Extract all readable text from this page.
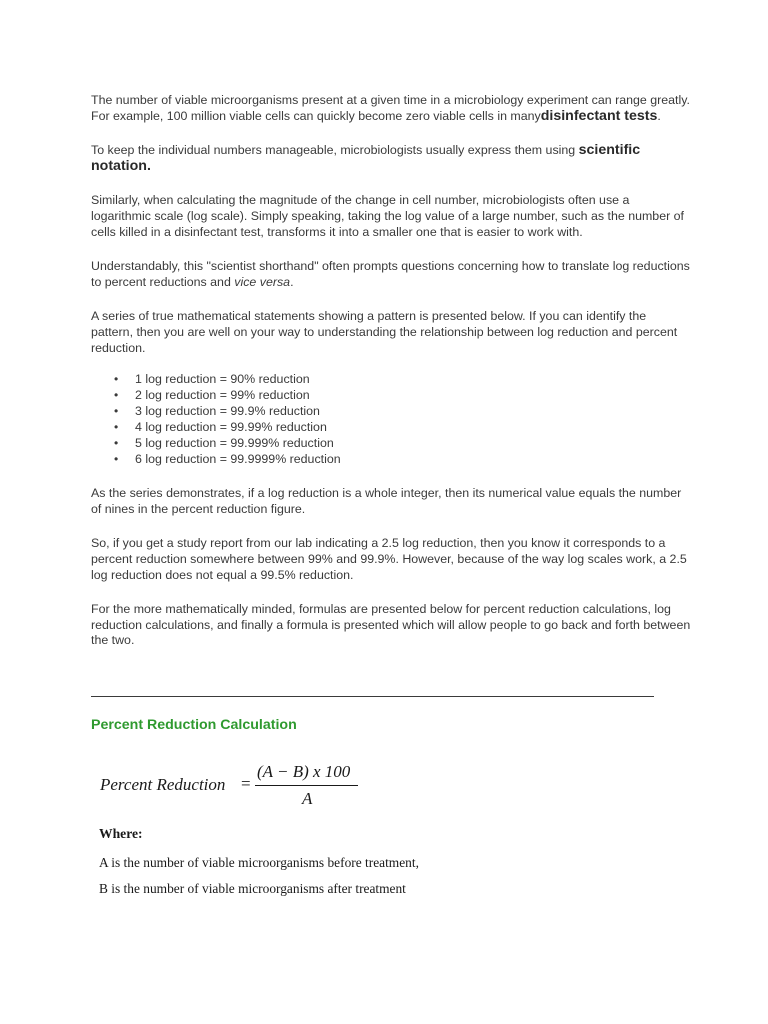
The number of viable microorganisms present at a given time in a microbiology experiment can range greatly. For example, 100 million viable cells can quickly become zero viable cells in manydisinfectant tests.

To keep the individual numbers manageable, microbiologists usually express them using scientific notation.

Similarly, when calculating the magnitude of the change in cell number, microbiologists often use a logarithmic scale (log scale). Simply speaking, taking the log value of a large number, such as the number of cells killed in a disinfectant test, transforms it into a smaller one that is easier to work with.

Understandably, this "scientist shorthand" often prompts questions concerning how to translate log reductions to percent reductions and vice versa.

A series of true mathematical statements showing a pattern is presented below. If you can identify the pattern, then you are well on your way to understanding the relationship between log reduction and percent reduction.

• 1 log reduction = 90% reduction
• 2 log reduction = 99% reduction
• 3 log reduction = 99.9% reduction
• 4 log reduction = 99.99% reduction
• 5 log reduction = 99.999% reduction
• 6 log reduction = 99.9999% reduction

As the series demonstrates, if a log reduction is a whole integer, then its numerical value equals the number of nines in the percent reduction figure.

So, if you get a study report from our lab indicating a 2.5 log reduction, then you know it corresponds to a percent reduction somewhere between 99% and 99.9%. However, because of the way log scales work, a 2.5 log reduction does not equal a 99.5% reduction.

For the more mathematically minded, formulas are presented below for percent reduction calculations, log reduction calculations, and finally a formula is presented which will allow people to go back and forth between the two.

Percent Reduction Calculation
Percent Reduction =
(A − B) x 100
A
Where:
A is the number of viable microorganisms before treatment,
B is the number of viable microorganisms after treatment
